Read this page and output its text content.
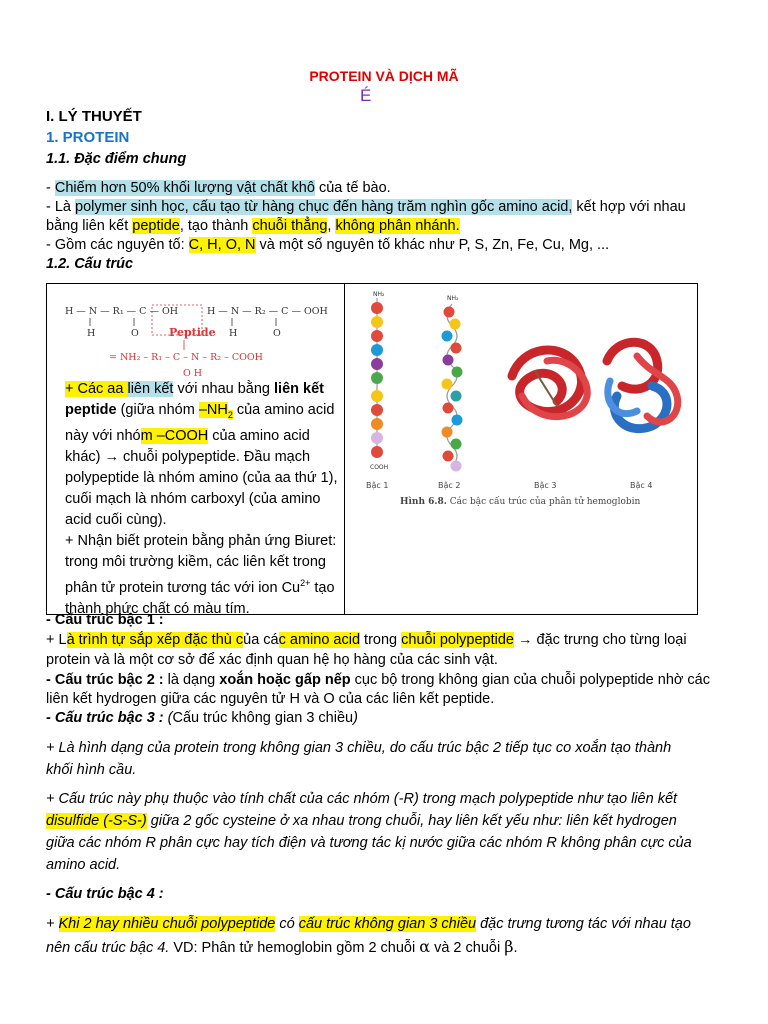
PROTEIN VÀ DỊCH MÃ
É
I. LÝ THUYẾT
1. PROTEIN
1.1. Đặc điểm chung
- Chiếm hơn 50% khối lượng vật chất khô của tế bào.
- Là polymer sinh học, cấu tạo từ hàng chục đến hàng trăm nghìn gốc amino acid, kết hợp với nhau
bằng liên kết peptide, tạo thành chuỗi thẳng, không phân nhánh.
- Gồm các nguyên tố: C, H, O, N và một số nguyên tố khác như P, S, Zn, Fe, Cu, Mg, ...
1.2. Cấu trúc
H — N — R₁ — C — OH	H — N — R₂ — C — OOH
H	O	H	O
Peptide
= NH₂ – R₁ – C – N – R₂ – COOH
O H
+ Các aa liên kết với nhau bằng liên kết peptide (giữa nhóm $-NH_2$ của amino acid này với nhóm –COOH của amino acid khác) → chuỗi polypeptide. Đầu mạch polypeptide là nhóm amino (của aa thứ 1), cuối mạch là nhóm carboxyl (của amino acid cuối cùng).
+ Nhận biết protein bằng phản ứng Biuret: trong môi trường kiềm, các liên kết trong phân tử protein tương tác với ion $Cu^{2+}$ tạo thành phức chất có màu tím.
NH₂
COOH
NH₂
Bậc 1	Bậc 2	Bậc 3	Bậc 4
Hình 6.8. Các bậc cấu trúc của phân tử hemoglobin
- Cấu trúc bậc 1 :
+ Là trình tự sắp xếp đặc thù của các amino acid trong chuỗi polypeptide → đặc trưng cho từng loại
protein và là một cơ sở để xác định quan hệ họ hàng của các sinh vật.
- Cấu trúc bậc 2 : là dạng xoắn hoặc gấp nếp cục bộ trong không gian của chuỗi polypeptide nhờ các
liên kết hydrogen giữa các nguyên tử H và O của các liên kết peptide.
- Cấu trúc bậc 3 : (Cấu trúc không gian 3 chiều)
+ Là hình dạng của protein trong không gian 3 chiều, do cấu trúc bậc 2 tiếp tục co xoắn tạo thành
khối hình cầu.
+ Cấu trúc này phụ thuộc vào tính chất của các nhóm (-R) trong mạch polypeptide như tạo liên kết
disulfide (-S-S-) giữa 2 gốc cysteine ở xa nhau trong chuỗi, hay liên kết yếu như: liên kết hydrogen
giữa các nhóm R phân cực hay tích điện và tương tác kị nước giữa các nhóm R không phân cực của
amino acid.
- Cấu trúc bậc 4 :
+ Khi 2 hay nhiều chuỗi polypeptide có cấu trúc không gian 3 chiều đặc trưng tương tác với nhau tạo
nên cấu trúc bậc 4. VD: Phân tử hemoglobin gồm 2 chuỗi α và 2 chuỗi β.
